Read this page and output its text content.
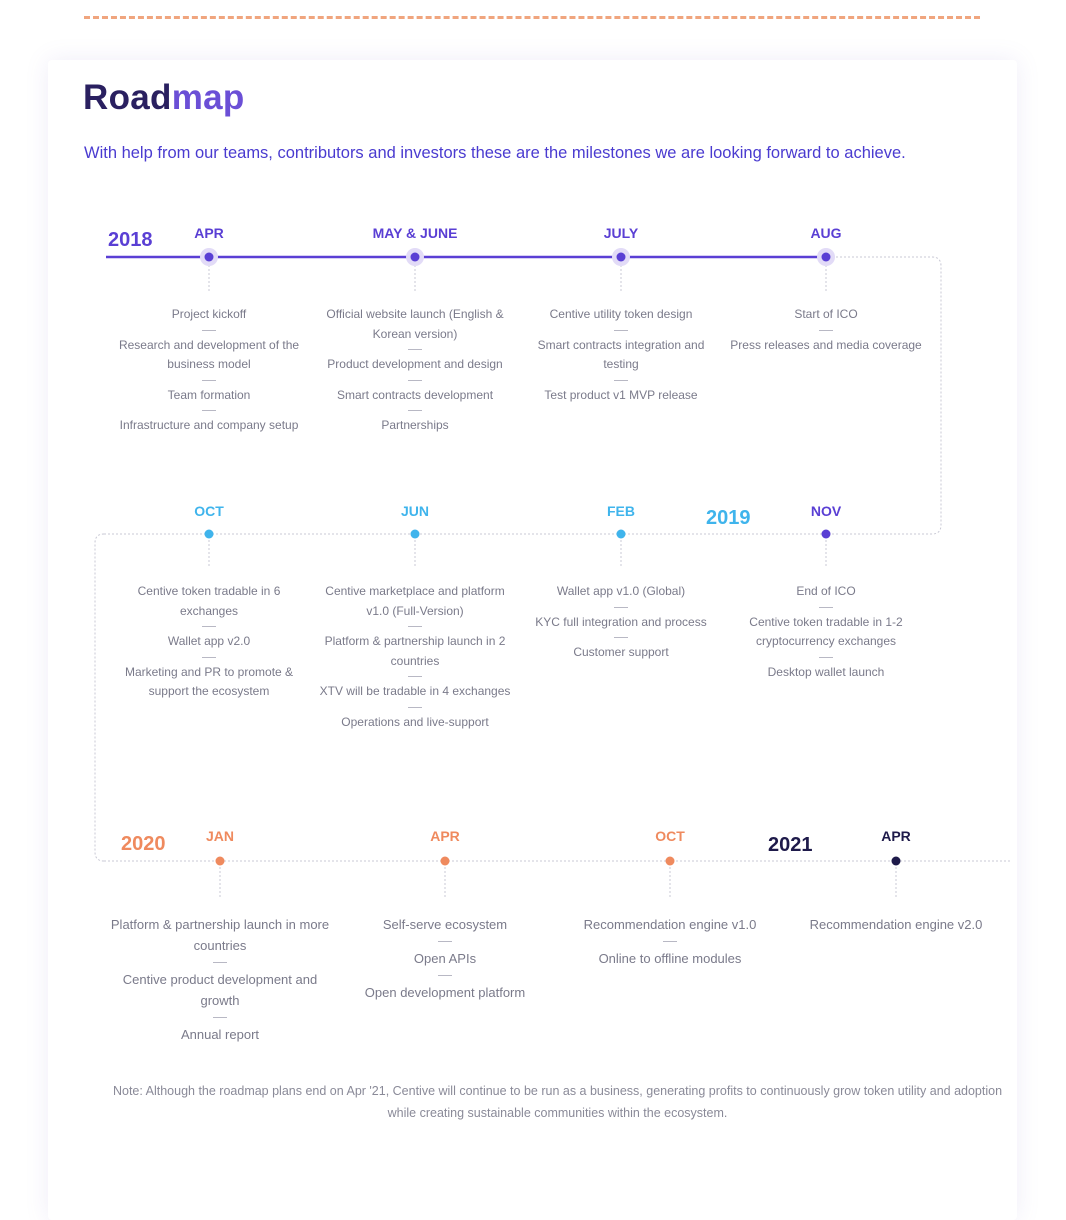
Roadmap
With help from our teams, contributors and investors these are the milestones we are looking forward to achieve.
2018
2019
2020	2021
APR	MAY & JUNE	JULY	AUG
OCT	JUN	FEB	NOV
JAN	APR	OCT	APR
Project kickoff
Research and development of the business model
Team formation
Infrastructure and company setup
Official website launch (English & Korean version)
Product development and design
Smart contracts development
Partnerships
Centive utility token design
Smart contracts integration and testing
Test product v1 MVP release
Start of ICO
Press releases and media coverage
Centive token tradable in 6 exchanges
Wallet app v2.0
Marketing and PR to promote & support the ecosystem
Centive marketplace and platform v1.0 (Full-Version)
Platform & partnership launch in 2 countries
XTV will be tradable in 4 exchanges
Operations and live-support
Wallet app v1.0 (Global)
KYC full integration and process
Customer support
End of ICO
Centive token tradable in 1-2 cryptocurrency exchanges
Desktop wallet launch
Platform & partnership launch in more countries
Centive product development and growth
Annual report
Self-serve ecosystem
Open APIs
Open development platform
Recommendation engine v1.0
Online to offline modules
Recommendation engine v2.0
Note: Although the roadmap plans end on Apr '21, Centive will continue to be run as a business, generating profits to continuously grow token utility and adoption while creating sustainable communities within the ecosystem.
